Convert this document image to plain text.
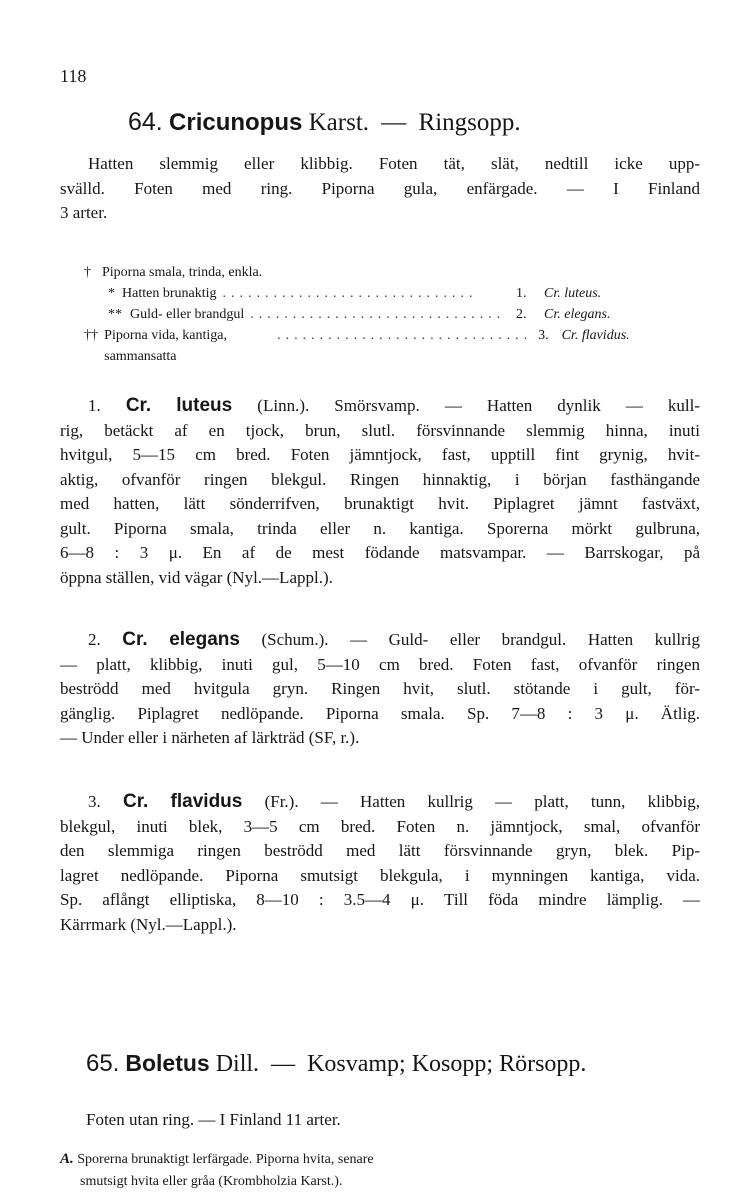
118
64. Cricunopus Karst. — Ringsopp.
Hatten slemmig eller klibbig. Foten tät, slät, nedtill icke upp-
svälld. Foten med ring. Piporna gula, enfärgade. — I Finland
3 arter.
† Piporna smala, trinda, enkla.
* Hatten brunaktig ..............................	1.	Cr. luteus.
** Guld- eller brandgul .............................. 2.	Cr. elegans.
†† Piporna vida, kantiga, sammansatta
.............................. 3. Cr. flavidus.
1. Cr. luteus (Linn.). Smörsvamp. — Hatten dynlik — kull-
rig, betäckt af en tjock, brun, slutl. försvinnande slemmig hinna, inuti
hvitgul, 5—15 cm bred. Foten jämntjock, fast, upptill fint grynig, hvit-
aktig, ofvanför ringen blekgul. Ringen hinnaktig, i början fasthängande
med hatten, lätt sönderrifven, brunaktigt hvit. Piplagret jämnt fastväxt,
gult. Piporna smala, trinda eller n. kantiga. Sporerna mörkt gulbruna,
6—8 : 3 μ. En af de mest födande matsvampar. — Barrskogar, på
öppna ställen, vid vägar (Nyl.—Lappl.).
2. Cr. elegans (Schum.). — Guld- eller brandgul. Hatten kullrig
— platt, klibbig, inuti gul, 5—10 cm bred. Foten fast, ofvanför ringen
beströdd med hvitgula gryn. Ringen hvit, slutl. stötande i gult, för-
gänglig. Piplagret nedlöpande. Piporna smala. Sp. 7—8 : 3 μ. Ätlig.
— Under eller i närheten af lärkträd (SF, r.).
3. Cr. flavidus (Fr.). — Hatten kullrig — platt, tunn, klibbig,
blekgul, inuti blek, 3—5 cm bred. Foten n. jämntjock, smal, ofvanför
den slemmiga ringen beströdd med lätt försvinnande gryn, blek. Pip-
lagret nedlöpande. Piporna smutsigt blekgula, i mynningen kantiga, vida.
Sp. aflångt elliptiska, 8—10 : 3.5—4 μ. Till föda mindre lämplig. —
Kärrmark (Nyl.—Lappl.).
65. Boletus Dill. — Kosvamp; Kosopp; Rörsopp.
Foten utan ring. — I Finland 11 arter.
A. Sporerna brunaktigt lerfärgade. Piporna hvita, senare
smutsigt hvita eller gråa (Krombholzia Karst.).
